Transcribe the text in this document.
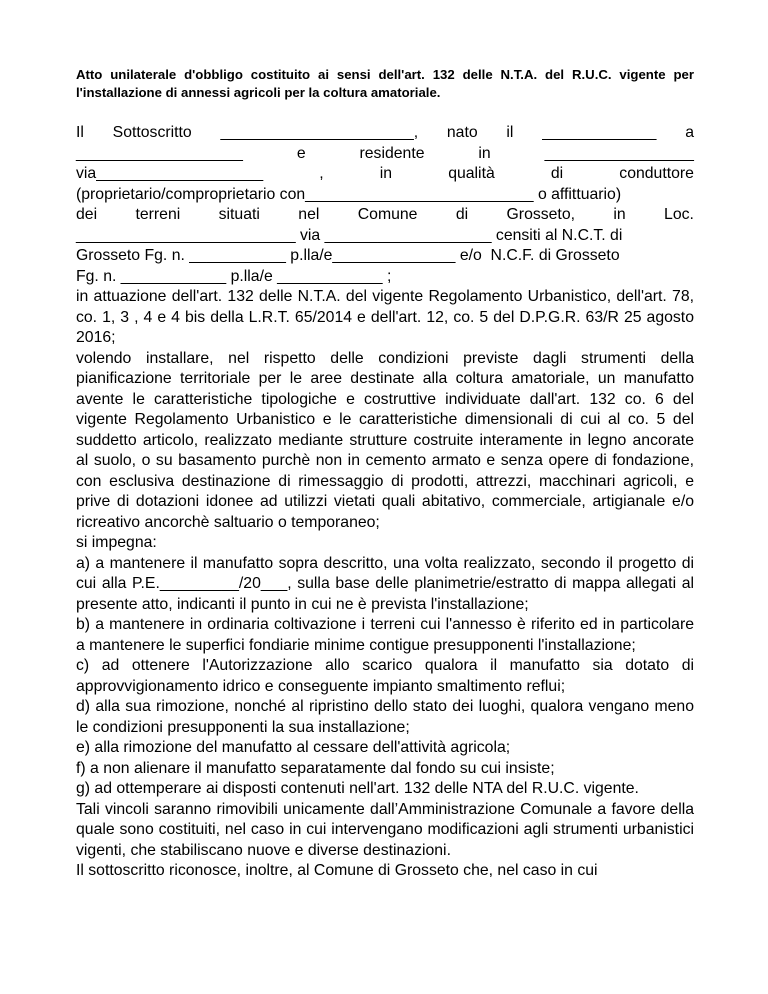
Atto unilaterale d'obbligo costituito ai sensi dell'art. 132 delle N.T.A. del R.U.C. vigente per l'installazione di annessi agricoli per la coltura amatoriale.
Il Sottoscritto ______________________, nato il _____________ a
___________________	e	residente	in	_________________
via___________________	,	in	qualità	di	conduttore
(proprietario/comproprietario con__________________________ o affittuario)
dei terreni situati nel Comune di Grosseto, in Loc.
_________________________ via ___________________ censiti al N.C.T. di
Grosseto Fg. n. ___________ p.lla/e______________ e/o  N.C.F. di Grosseto

Fg. n. ____________ p.lla/e ____________ ;

in attuazione dell'art. 132 delle N.T.A. del vigente Regolamento Urbanistico, dell'art. 78, co. 1, 3 , 4 e 4 bis della L.R.T. 65/2014 e dell'art. 12, co. 5 del D.P.G.R. 63/R 25 agosto 2016;

volendo installare, nel rispetto delle condizioni previste dagli strumenti della pianificazione territoriale per le aree destinate alla coltura amatoriale, un manufatto avente le caratteristiche tipologiche e costruttive individuate dall'art. 132 co. 6 del vigente Regolamento Urbanistico e le caratteristiche dimensionali di cui al co. 5 del suddetto articolo, realizzato mediante strutture costruite interamente in legno ancorate al suolo, o su basamento purchè non in cemento armato e senza opere di fondazione, con esclusiva destinazione di rimessaggio di prodotti, attrezzi, macchinari agricoli, e prive di dotazioni idonee ad utilizzi vietati quali abitativo, commerciale, artigianale e/o ricreativo ancorchè saltuario o temporaneo;

si impegna:

a) a mantenere il manufatto sopra descritto, una volta realizzato, secondo il progetto di cui alla P.E._________/20___, sulla base delle planimetrie/estratto di mappa allegati al presente atto, indicanti il punto in cui ne è prevista l'installazione;

b) a mantenere in ordinaria coltivazione i terreni cui l'annesso è riferito ed in particolare a mantenere le superfici fondiarie minime contigue presupponenti l'installazione;

c) ad ottenere l'Autorizzazione allo scarico qualora il manufatto sia dotato di approvvigionamento idrico e conseguente impianto smaltimento reflui;

d) alla sua rimozione, nonché al ripristino dello stato dei luoghi, qualora vengano meno le condizioni presupponenti la sua installazione;

e) alla rimozione del manufatto al cessare dell'attività agricola;

f) a non alienare il manufatto separatamente dal fondo su cui insiste;

g) ad ottemperare ai disposti contenuti nell'art. 132 delle NTA del R.U.C. vigente.

Tali vincoli saranno rimovibili unicamente dall’Amministrazione Comunale a favore della quale sono costituiti, nel caso in cui intervengano modificazioni agli strumenti urbanistici vigenti, che stabiliscano nuove e diverse destinazioni.

Il sottoscritto riconosce, inoltre, al Comune di Grosseto che, nel caso in cui
